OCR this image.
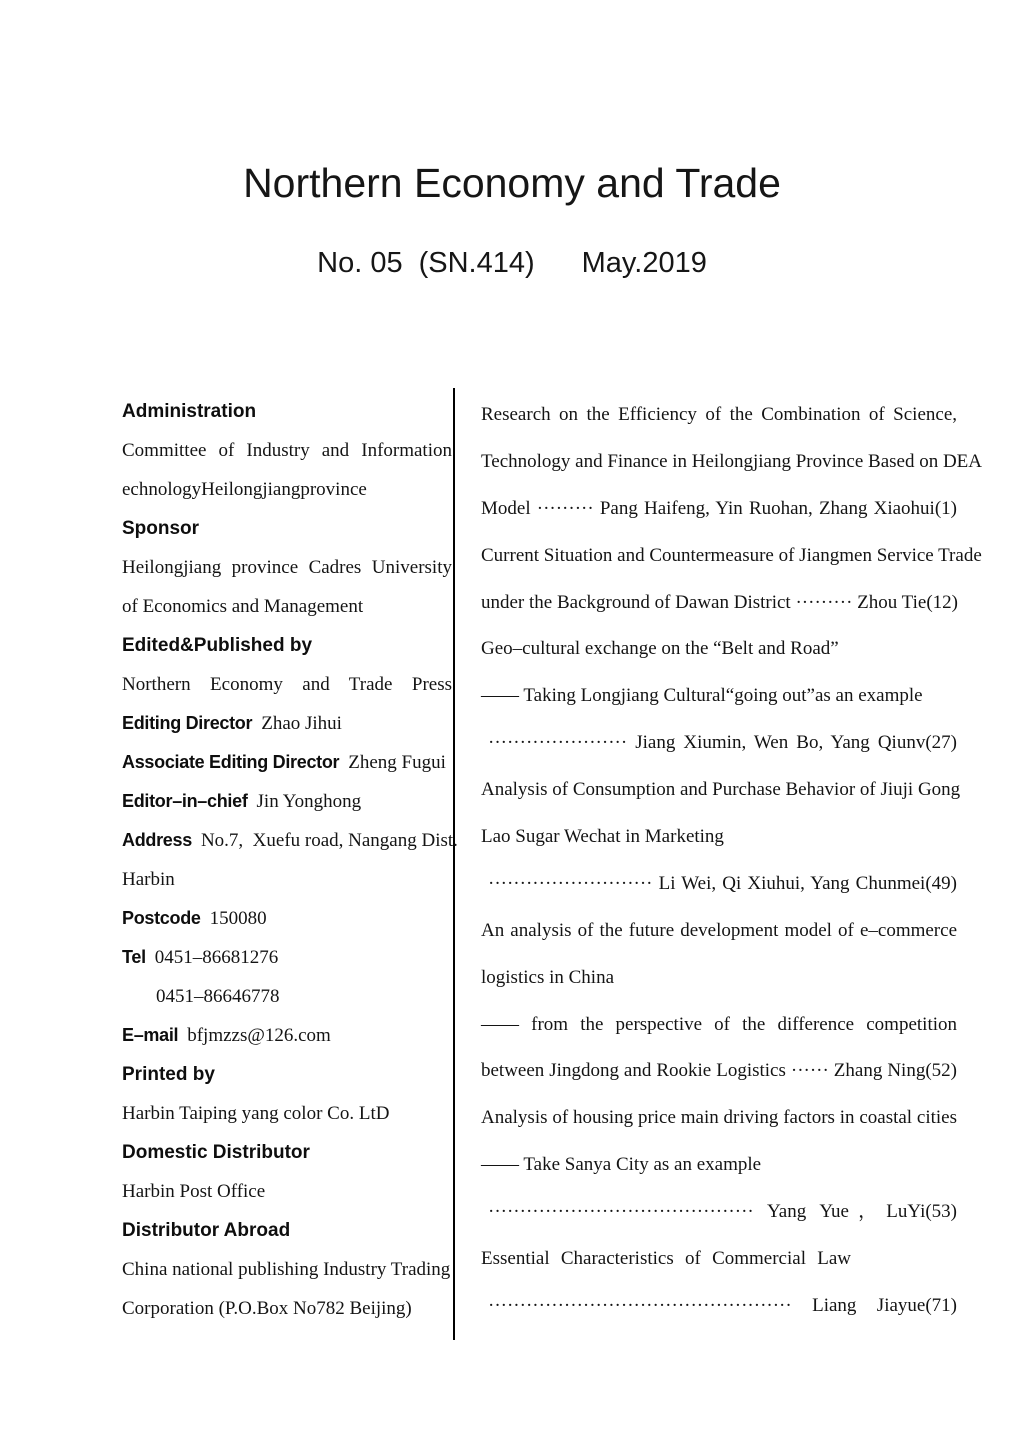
Northern Economy and Trade
No. 05 (SN.414) May.2019
Administration
Committee of Industry and Information
echnologyHeilongjiangprovince
Sponsor
Heilongjiang province Cadres University
of Economics and Management
Edited&Published by
Northern Economy and Trade Press
Editing Director Zhao Jihui
Associate Editing Director Zheng Fugui
Editor–in–chief Jin Yonghong
Address No.7,  Xuefu road, Nangang Dist.
Harbin
Postcode 150080
Tel 0451–86681276
0451–86646778
E–mail bfjmzzs@126.com
Printed by
Harbin Taiping yang color Co. LtD
Domestic Distributor
Harbin Post Office
Distributor Abroad
China national publishing Industry Trading
Corporation (P.O.Box No782 Beijing)
Research on the Efficiency of the Combination of Science,
Technology and Finance in Heilongjiang Province Based on DEA
Model ········· Pang Haifeng, Yin Ruohan, Zhang Xiaohui(1)
Current Situation and Countermeasure of Jiangmen Service Trade
under the Background of Dawan District ········· Zhou Tie(12)
Geo–cultural exchange on the “Belt and Road”
—— Taking Longjiang Cultural“going out”as an example
······················ Jiang Xiumin, Wen Bo, Yang Qiunv(27)
Analysis of Consumption and Purchase Behavior of Jiuji Gong
Lao Sugar Wechat in Marketing
·························· Li Wei, Qi Xiuhui, Yang Chunmei(49)
An analysis of the future development model of e–commerce
logistics in China
—— from the perspective of the difference competition
between Jingdong and Rookie Logistics ······ Zhang Ning(52)
Analysis of housing price main driving factors in coastal cities
—— Take Sanya City as an example
·········································· Yang Yue，LuYi(53)
Essential Characteristics of Commercial Law
················································ Liang Jiayue(71)
